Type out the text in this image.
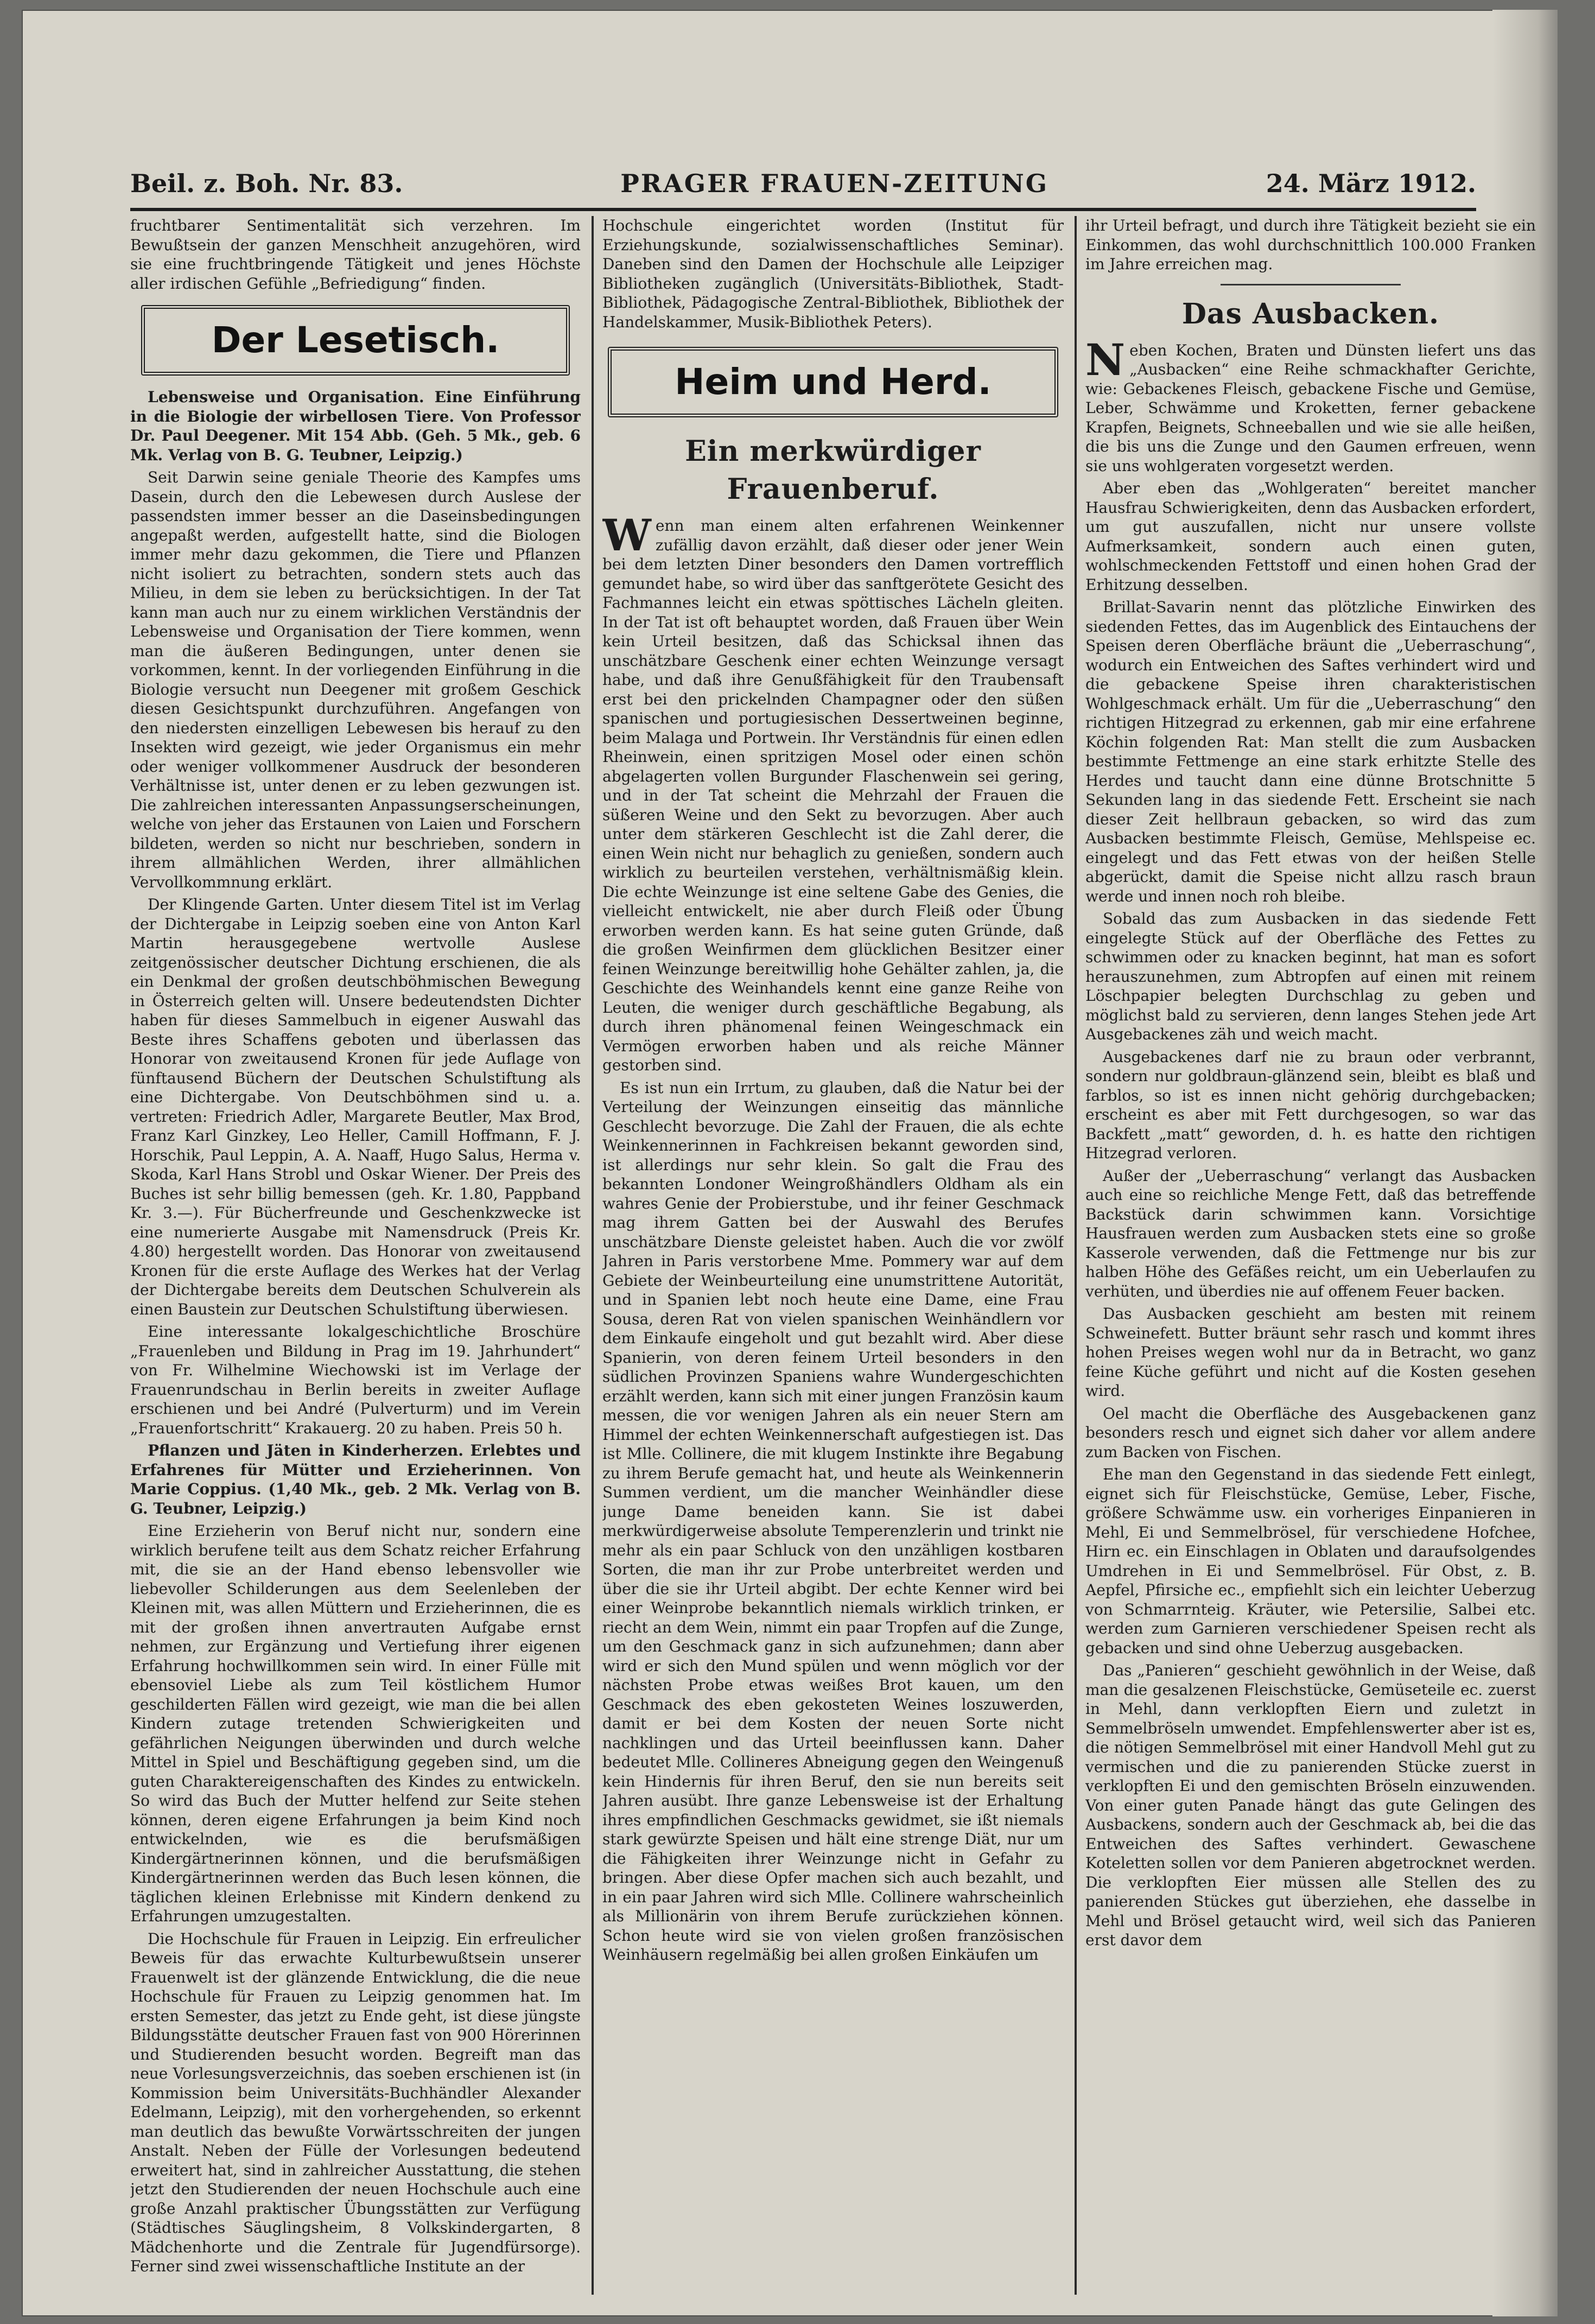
Beil. z. Boh. Nr. 83.	PRAGER FRAUEN-ZEITUNG	24. März 1912.

fruchtbarer Sentimentalität sich verzehren. Im Bewußtsein der ganzen Menschheit anzugehören, wird sie eine fruchtbringende Tätigkeit und jenes Höchste aller irdischen Gefühle „Befriedigung“ finden.

Der Lesetisch.

Lebensweise und Organisation. Eine Einführung in die Biologie der wirbellosen Tiere. Von Professor Dr. Paul Deegener. Mit 154 Abb. (Geh. 5 Mk., geb. 6 Mk. Verlag von B. G. Teubner, Leipzig.)

Seit Darwin seine geniale Theorie des Kampfes ums Dasein, durch den die Lebewesen durch Auslese der passendsten immer besser an die Daseinsbedingungen angepaßt werden, aufgestellt hatte, sind die Biologen immer mehr dazu gekommen, die Tiere und Pflanzen nicht isoliert zu betrachten, sondern stets auch das Milieu, in dem sie leben zu berücksichtigen. In der Tat kann man auch nur zu einem wirklichen Verständnis der Lebensweise und Organisation der Tiere kommen, wenn man die äußeren Bedingungen, unter denen sie vorkommen, kennt. In der vorliegenden Einführung in die Biologie versucht nun Deegener mit großem Geschick diesen Gesichtspunkt durchzuführen. Angefangen von den niedersten einzelligen Lebewesen bis herauf zu den Insekten wird gezeigt, wie jeder Organismus ein mehr oder weniger vollkommener Ausdruck der besonderen Verhältnisse ist, unter denen er zu leben gezwungen ist. Die zahlreichen interessanten Anpassungserscheinungen, welche von jeher das Erstaunen von Laien und Forschern bildeten, werden so nicht nur beschrieben, sondern in ihrem allmählichen Werden, ihrer allmählichen Vervollkommnung erklärt.

Der Klingende Garten. Unter diesem Titel ist im Verlag der Dichtergabe in Leipzig soeben eine von Anton Karl Martin herausgegebene wertvolle Auslese zeitgenössischer deutscher Dichtung erschienen, die als ein Denkmal der großen deutschböhmischen Bewegung in Österreich gelten will. Unsere bedeutendsten Dichter haben für dieses Sammelbuch in eigener Auswahl das Beste ihres Schaffens geboten und überlassen das Honorar von zweitausend Kronen für jede Auflage von fünftausend Büchern der Deutschen Schulstiftung als eine Dichtergabe. Von Deutschböhmen sind u. a. vertreten: Friedrich Adler, Margarete Beutler, Max Brod, Franz Karl Ginzkey, Leo Heller, Camill Hoffmann, F. J. Horschik, Paul Leppin, A. A. Naaff, Hugo Salus, Herma v. Skoda, Karl Hans Strobl und Oskar Wiener. Der Preis des Buches ist sehr billig bemessen (geh. Kr. 1.80, Pappband Kr. 3.—). Für Bücherfreunde und Geschenkzwecke ist eine numerierte Ausgabe mit Namensdruck (Preis Kr. 4.80) hergestellt worden. Das Honorar von zweitausend Kronen für die erste Auflage des Werkes hat der Verlag der Dichtergabe bereits dem Deutschen Schulverein als einen Baustein zur Deutschen Schulstiftung überwiesen.

Eine interessante lokalgeschichtliche Broschüre „Frauenleben und Bildung in Prag im 19. Jahrhundert“ von Fr. Wilhelmine Wiechowski ist im Verlage der Frauenrundschau in Berlin bereits in zweiter Auflage erschienen und bei André (Pulverturm) und im Verein „Frauenfortschritt“ Krakauerg. 20 zu haben. Preis 50 h.

Pflanzen und Jäten in Kinderherzen. Erlebtes und Erfahrenes für Mütter und Erzieherinnen. Von Marie Coppius. (1,40 Mk., geb. 2 Mk. Verlag von B. G. Teubner, Leipzig.)

Eine Erzieherin von Beruf nicht nur, sondern eine wirklich berufene teilt aus dem Schatz reicher Erfahrung mit, die sie an der Hand ebenso lebensvoller wie liebevoller Schilderungen aus dem Seelenleben der Kleinen mit, was allen Müttern und Erzieherinnen, die es mit der großen ihnen anvertrauten Aufgabe ernst nehmen, zur Ergänzung und Vertiefung ihrer eigenen Erfahrung hochwillkommen sein wird. In einer Fülle mit ebensoviel Liebe als zum Teil köstlichem Humor geschilderten Fällen wird gezeigt, wie man die bei allen Kindern zutage tretenden Schwierigkeiten und gefährlichen Neigungen überwinden und durch welche Mittel in Spiel und Beschäftigung gegeben sind, um die guten Charaktereigenschaften des Kindes zu entwickeln. So wird das Buch der Mutter helfend zur Seite stehen können, deren eigene Erfahrungen ja beim Kind noch entwickelnden, wie es die berufsmäßigen Kindergärtnerinnen können, und die berufsmäßigen Kindergärtnerinnen werden das Buch lesen können, die täglichen kleinen Erlebnisse mit Kindern denkend zu Erfahrungen umzugestalten.

Die Hochschule für Frauen in Leipzig. Ein erfreulicher Beweis für das erwachte Kulturbewußtsein unserer Frauenwelt ist der glänzende Entwicklung, die die neue Hochschule für Frauen zu Leipzig genommen hat. Im ersten Semester, das jetzt zu Ende geht, ist diese jüngste Bildungsstätte deutscher Frauen fast von 900 Hörerinnen und Studierenden besucht worden. Begreift man das neue Vorlesungsverzeichnis, das soeben erschienen ist (in Kommission beim Universitäts-Buchhändler Alexander Edelmann, Leipzig), mit den vorhergehenden, so erkennt man deutlich das bewußte Vorwärtsschreiten der jungen Anstalt. Neben der Fülle der Vorlesungen bedeutend erweitert hat, sind in zahlreicher Ausstattung, die stehen jetzt den Studierenden der neuen Hochschule auch eine große Anzahl praktischer Übungsstätten zur Verfügung (Städtisches Säuglingsheim, 8 Volkskindergarten, 8 Mädchenhorte und die Zentrale für Jugendfürsorge). Ferner sind zwei wissenschaftliche Institute an der

Hochschule eingerichtet worden (Institut für Erziehungskunde, sozialwissenschaftliches Seminar). Daneben sind den Damen der Hochschule alle Leipziger Bibliotheken zugänglich (Universitäts-Bibliothek, Stadt-Bibliothek, Pädagogische Zentral-Bibliothek, Bibliothek der Handelskammer, Musik-Bibliothek Peters).

Heim und Herd.
Ein merkwürdiger Frauenberuf.

Wenn man einem alten erfahrenen Weinkenner zufällig davon erzählt, daß dieser oder jener Wein bei dem letzten Diner besonders den Damen vortrefflich gemundet habe, so wird über das sanftgerötete Gesicht des Fachmannes leicht ein etwas spöttisches Lächeln gleiten. In der Tat ist oft behauptet worden, daß Frauen über Wein kein Urteil besitzen, daß das Schicksal ihnen das unschätzbare Geschenk einer echten Weinzunge versagt habe, und daß ihre Genußfähigkeit für den Traubensaft erst bei den prickelnden Champagner oder den süßen spanischen und portugiesischen Dessertweinen beginne, beim Malaga und Portwein. Ihr Verständnis für einen edlen Rheinwein, einen spritzigen Mosel oder einen schön abgelagerten vollen Burgunder Flaschenwein sei gering, und in der Tat scheint die Mehrzahl der Frauen die süßeren Weine und den Sekt zu bevorzugen. Aber auch unter dem stärkeren Geschlecht ist die Zahl derer, die einen Wein nicht nur behaglich zu genießen, sondern auch wirklich zu beurteilen verstehen, verhältnismäßig klein. Die echte Weinzunge ist eine seltene Gabe des Genies, die vielleicht entwickelt, nie aber durch Fleiß oder Übung erworben werden kann. Es hat seine guten Gründe, daß die großen Weinfirmen dem glücklichen Besitzer einer feinen Weinzunge bereitwillig hohe Gehälter zahlen, ja, die Geschichte des Weinhandels kennt eine ganze Reihe von Leuten, die weniger durch geschäftliche Begabung, als durch ihren phänomenal feinen Weingeschmack ein Vermögen erworben haben und als reiche Männer gestorben sind.

Es ist nun ein Irrtum, zu glauben, daß die Natur bei der Verteilung der Weinzungen einseitig das männliche Geschlecht bevorzuge. Die Zahl der Frauen, die als echte Weinkennerinnen in Fachkreisen bekannt geworden sind, ist allerdings nur sehr klein. So galt die Frau des bekannten Londoner Weingroßhändlers Oldham als ein wahres Genie der Probierstube, und ihr feiner Geschmack mag ihrem Gatten bei der Auswahl des Berufes unschätzbare Dienste geleistet haben. Auch die vor zwölf Jahren in Paris verstorbene Mme. Pommery war auf dem Gebiete der Weinbeurteilung eine unumstrittene Autorität, und in Spanien lebt noch heute eine Dame, eine Frau Sousa, deren Rat von vielen spanischen Weinhändlern vor dem Einkaufe eingeholt und gut bezahlt wird. Aber diese Spanierin, von deren feinem Urteil besonders in den südlichen Provinzen Spaniens wahre Wundergeschichten erzählt werden, kann sich mit einer jungen Französin kaum messen, die vor wenigen Jahren als ein neuer Stern am Himmel der echten Weinkennerschaft aufgestiegen ist. Das ist Mlle. Collinere, die mit klugem Instinkte ihre Begabung zu ihrem Berufe gemacht hat, und heute als Weinkennerin Summen verdient, um die mancher Weinhändler diese junge Dame beneiden kann. Sie ist dabei merkwürdigerweise absolute Temperenzlerin und trinkt nie mehr als ein paar Schluck von den unzähligen kostbaren Sorten, die man ihr zur Probe unterbreitet werden und über die sie ihr Urteil abgibt. Der echte Kenner wird bei einer Weinprobe bekanntlich niemals wirklich trinken, er riecht an dem Wein, nimmt ein paar Tropfen auf die Zunge, um den Geschmack ganz in sich aufzunehmen; dann aber wird er sich den Mund spülen und wenn möglich vor der nächsten Probe etwas weißes Brot kauen, um den Geschmack des eben gekosteten Weines loszuwerden, damit er bei dem Kosten der neuen Sorte nicht nachklingen und das Urteil beeinflussen kann. Daher bedeutet Mlle. Collineres Abneigung gegen den Weingenuß kein Hindernis für ihren Beruf, den sie nun bereits seit Jahren ausübt. Ihre ganze Lebensweise ist der Erhaltung ihres empfindlichen Geschmacks gewidmet, sie ißt niemals stark gewürzte Speisen und hält eine strenge Diät, nur um die Fähigkeiten ihrer Weinzunge nicht in Gefahr zu bringen. Aber diese Opfer machen sich auch bezahlt, und in ein paar Jahren wird sich Mlle. Collinere wahrscheinlich als Millionärin von ihrem Berufe zurückziehen können. Schon heute wird sie von vielen großen französischen Weinhäusern regelmäßig bei allen großen Einkäufen um

ihr Urteil befragt, und durch ihre Tätigkeit bezieht sie ein Einkommen, das wohl durchschnittlich 100.000 Franken im Jahre erreichen mag.

Das Ausbacken.

Neben Kochen, Braten und Dünsten liefert uns das „Ausbacken“ eine Reihe schmackhafter Gerichte, wie: Gebackenes Fleisch, gebackene Fische und Gemüse, Leber, Schwämme und Kroketten, ferner gebackene Krapfen, Beignets, Schneeballen und wie sie alle heißen, die bis uns die Zunge und den Gaumen erfreuen, wenn sie uns wohlgeraten vorgesetzt werden.

Aber eben das „Wohlgeraten“ bereitet mancher Hausfrau Schwierigkeiten, denn das Ausbacken erfordert, um gut auszufallen, nicht nur unsere vollste Aufmerksamkeit, sondern auch einen guten, wohlschmeckenden Fettstoff und einen hohen Grad der Erhitzung desselben.

Brillat-Savarin nennt das plötzliche Einwirken des siedenden Fettes, das im Augenblick des Eintauchens der Speisen deren Oberfläche bräunt die „Ueberraschung“, wodurch ein Entweichen des Saftes verhindert wird und die gebackene Speise ihren charakteristischen Wohlgeschmack erhält. Um für die „Ueberraschung“ den richtigen Hitzegrad zu erkennen, gab mir eine erfahrene Köchin folgenden Rat: Man stellt die zum Ausbacken bestimmte Fettmenge an eine stark erhitzte Stelle des Herdes und taucht dann eine dünne Brotschnitte 5 Sekunden lang in das siedende Fett. Erscheint sie nach dieser Zeit hellbraun gebacken, so wird das zum Ausbacken bestimmte Fleisch, Gemüse, Mehlspeise ec. eingelegt und das Fett etwas von der heißen Stelle abgerückt, damit die Speise nicht allzu rasch braun werde und innen noch roh bleibe.

Sobald das zum Ausbacken in das siedende Fett eingelegte Stück auf der Oberfläche des Fettes zu schwimmen oder zu knacken beginnt, hat man es sofort herauszunehmen, zum Abtropfen auf einen mit reinem Löschpapier belegten Durchschlag zu geben und möglichst bald zu servieren, denn langes Stehen jede Art Ausgebackenes zäh und weich macht.

Ausgebackenes darf nie zu braun oder verbrannt, sondern nur goldbraun-glänzend sein, bleibt es blaß und farblos, so ist es innen nicht gehörig durchgebacken; erscheint es aber mit Fett durchgesogen, so war das Backfett „matt“ geworden, d. h. es hatte den richtigen Hitzegrad verloren.

Außer der „Ueberraschung“ verlangt das Ausbacken auch eine so reichliche Menge Fett, daß das betreffende Backstück darin schwimmen kann. Vorsichtige Hausfrauen werden zum Ausbacken stets eine so große Kasserole verwenden, daß die Fettmenge nur bis zur halben Höhe des Gefäßes reicht, um ein Ueberlaufen zu verhüten, und überdies nie auf offenem Feuer backen.

Das Ausbacken geschieht am besten mit reinem Schweinefett. Butter bräunt sehr rasch und kommt ihres hohen Preises wegen wohl nur da in Betracht, wo ganz feine Küche geführt und nicht auf die Kosten gesehen wird.

Oel macht die Oberfläche des Ausgebackenen ganz besonders resch und eignet sich daher vor allem andere zum Backen von Fischen.

Ehe man den Gegenstand in das siedende Fett einlegt, eignet sich für Fleischstücke, Gemüse, Leber, Fische, größere Schwämme usw. ein vorheriges Einpanieren in Mehl, Ei und Semmelbrösel, für verschiedene Hofchee, Hirn ec. ein Einschlagen in Oblaten und daraufsolgendes Umdrehen in Ei und Semmelbrösel. Für Obst, z. B. Aepfel, Pfirsiche ec., empfiehlt sich ein leichter Ueberzug von Schmarrnteig. Kräuter, wie Petersilie, Salbei etc. werden zum Garnieren verschiedener Speisen recht als gebacken und sind ohne Ueberzug ausgebacken.

Das „Panieren“ geschieht gewöhnlich in der Weise, daß man die gesalzenen Fleischstücke, Gemüseteile ec. zuerst in Mehl, dann verklopften Eiern und zuletzt in Semmelbröseln umwendet. Empfehlenswerter aber ist es, die nötigen Semmelbrösel mit einer Handvoll Mehl gut zu vermischen und die zu panierenden Stücke zuerst in verklopften Ei und den gemischten Bröseln einzuwenden. Von einer guten Panade hängt das gute Gelingen des Ausbackens, sondern auch der Geschmack ab, bei die das Entweichen des Saftes verhindert. Gewaschene Koteletten sollen vor dem Panieren abgetrocknet werden. Die verklopften Eier müssen alle Stellen des zu panierenden Stückes gut überziehen, ehe dasselbe in Mehl und Brösel getaucht wird, weil sich das Panieren erst davor dem
